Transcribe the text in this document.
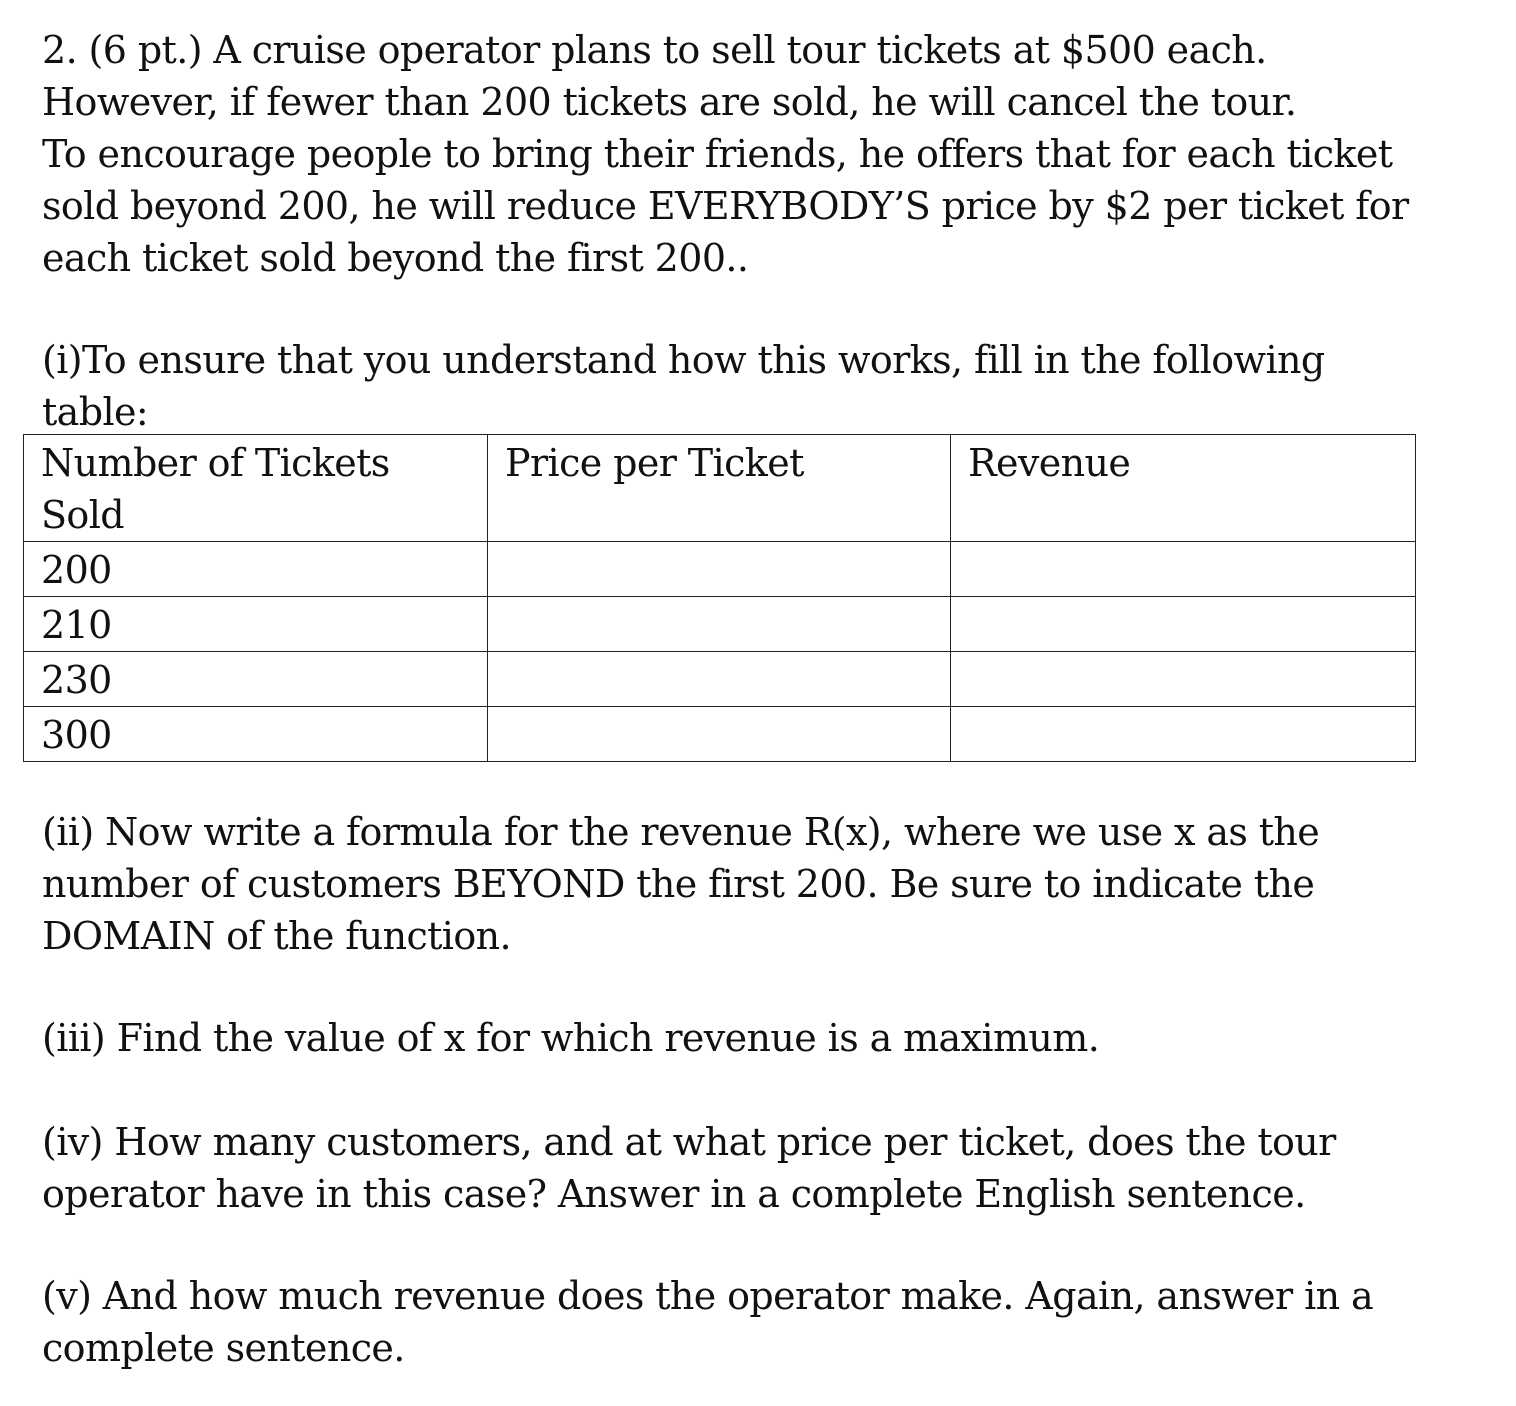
2. (6 pt.) A cruise operator plans to sell tour tickets at $500 each.
However, if fewer than 200 tickets are sold, he will cancel the tour.
To encourage people to bring their friends, he offers that for each ticket
sold beyond 200, he will reduce EVERYBODY’S price by $2 per ticket for
each ticket sold beyond the first 200..
(i)To ensure that you understand how this works, fill in the following
table:
Number of Tickets Sold	Price per Ticket	Revenue
200		
210		
230		
300		
(ii) Now write a formula for the revenue R(x), where we use x as the
number of customers BEYOND the first 200. Be sure to indicate the
DOMAIN of the function.
(iii) Find the value of x for which revenue is a maximum.
(iv) How many customers, and at what price per ticket, does the tour
operator have in this case? Answer in a complete English sentence.
(v) And how much revenue does the operator make. Again, answer in a
complete sentence.
